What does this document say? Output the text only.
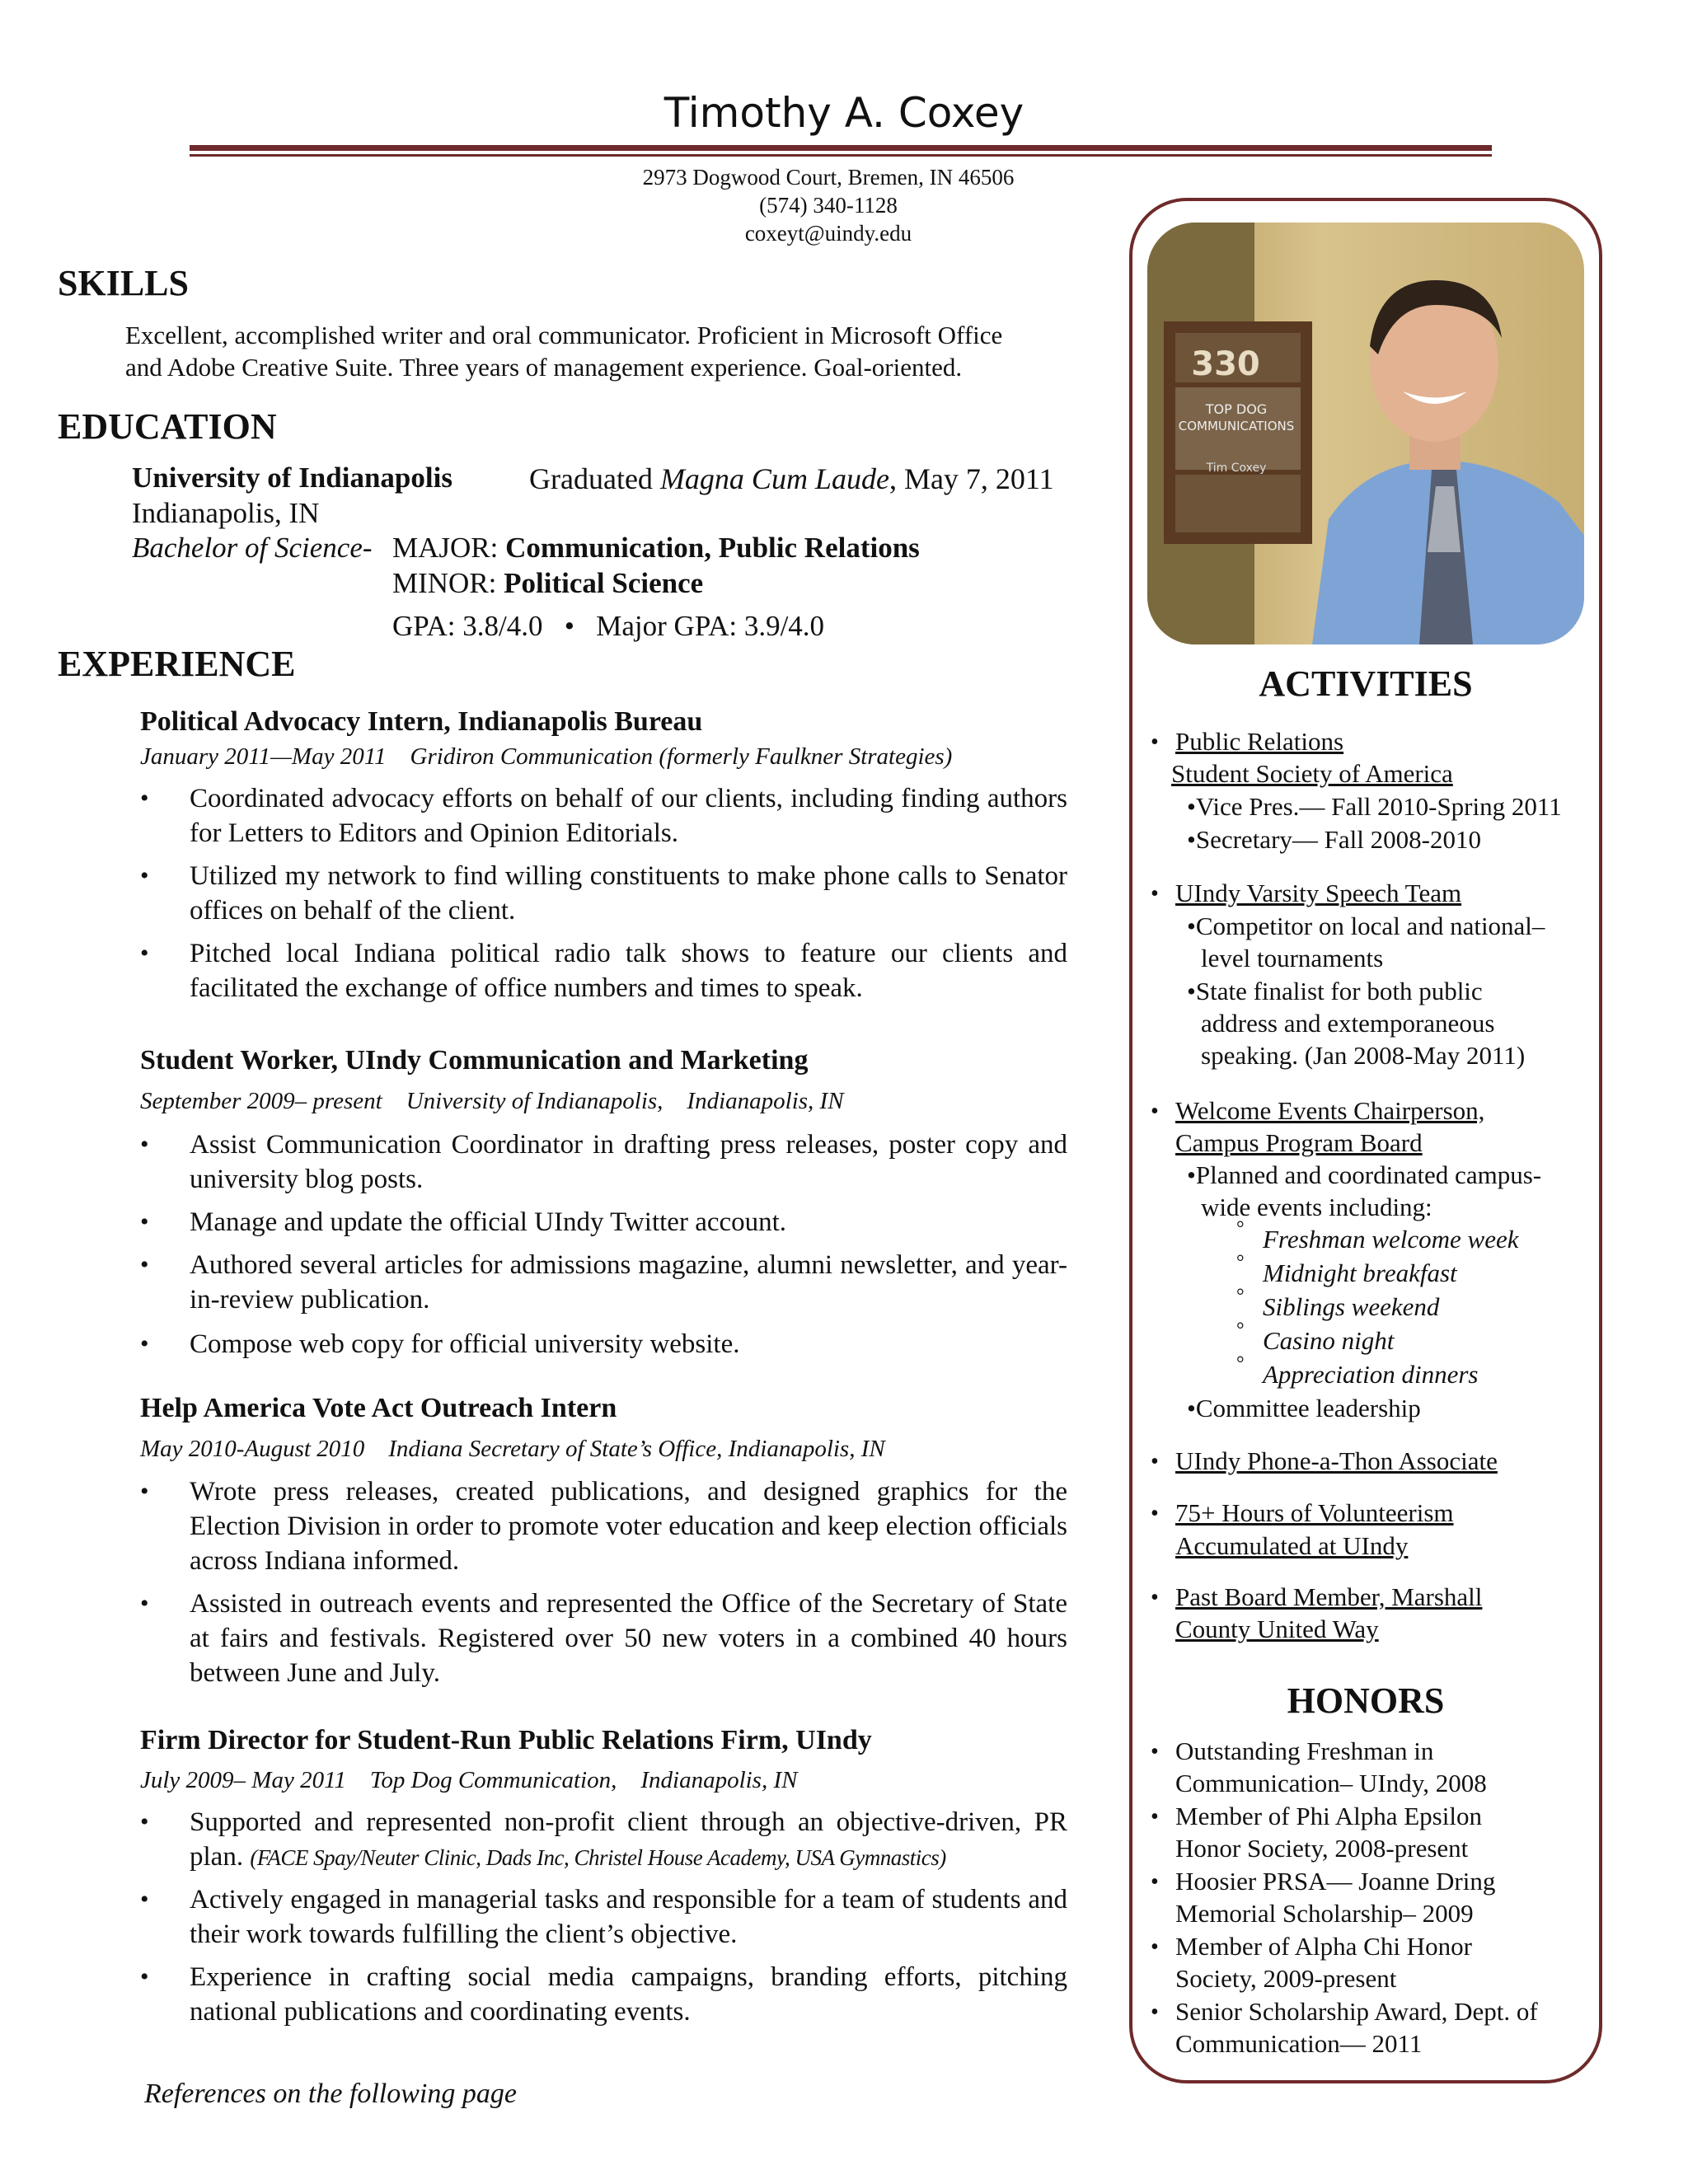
Timothy A. Coxey
2973 Dogwood Court, Bremen, IN 46506
(574) 340-1128
coxeyt@uindy.edu
SKILLS
Excellent, accomplished writer and oral communicator. Proficient in Microsoft Office
and Adobe Creative Suite. Three years of management experience. Goal-oriented.
EDUCATION
University of Indianapolis	Graduated Magna Cum Laude, May 7, 2011
Indianapolis, IN
Bachelor of Science- MAJOR: Communication, Public Relations
MINOR: Political Science
GPA: 3.8/4.0   •   Major GPA: 3.9/4.0
EXPERIENCE
Political Advocacy Intern, Indianapolis Bureau
January 2011—May 2011    Gridiron Communication (formerly Faulkner Strategies)
• Coordinated advocacy efforts on behalf of our clients, including finding authors for Letters to Editors and Opinion Editorials.
• Utilized my network to find willing constituents to make phone calls to Senator offices on behalf of the client.
• Pitched local Indiana political radio talk shows to feature our clients and facilitated the exchange of office numbers and times to speak.
Student Worker, UIndy Communication and Marketing
September 2009– present    University of Indianapolis,    Indianapolis, IN
• Assist Communication Coordinator in drafting press releases, poster copy and university blog posts.
• Manage and update the official UIndy Twitter account.
• Authored several articles for admissions magazine, alumni newsletter, and year-in-review publication.
• Compose web copy for official university website.
Help America Vote Act Outreach Intern
May 2010-August 2010    Indiana Secretary of State’s Office, Indianapolis, IN
• Wrote press releases, created publications, and designed graphics for the Election Division in order to promote voter education and keep election officials across Indiana informed.
• Assisted in outreach events and represented the Office of the Secretary of State at fairs and festivals. Registered over 50 new voters in a combined 40 hours between June and July.
Firm Director for Student-Run Public Relations Firm, UIndy
July 2009– May 2011    Top Dog Communication,    Indianapolis, IN
• Supported and represented non-profit client through an objective-driven, PR plan. (FACE Spay/Neuter Clinic, Dads Inc, Christel House Academy, USA Gymnastics)
• Actively engaged in managerial tasks and responsible for a team of students and their work towards fulfilling the client’s objective.
• Experience in crafting social media campaigns, branding efforts, pitching national publications and coordinating events.
References on the following page
330
TOP DOG
COMMUNICATIONS
Tim Coxey
ACTIVITIES
• Public Relations
Student Society of America
•Vice Pres.— Fall 2010-Spring 2011
•Secretary— Fall 2008-2010
• UIndy Varsity Speech Team
•Competitor on local and national–
level tournaments
•State finalist for both public
address and extemporaneous
speaking. (Jan 2008-May 2011)
• Welcome Events Chairperson,
Campus Program Board
•Planned and coordinated campus-
wide events including:
° Freshman welcome week
° Midnight breakfast
° Siblings weekend
° Casino night
° Appreciation dinners
•Committee leadership
• UIndy Phone-a-Thon Associate
• 75+ Hours of Volunteerism
Accumulated at UIndy
• Past Board Member, Marshall
County United Way
HONORS
• Outstanding Freshman in
Communication– UIndy, 2008
• Member of Phi Alpha Epsilon
Honor Society, 2008-present
• Hoosier PRSA— Joanne Dring
Memorial Scholarship– 2009
• Member of Alpha Chi Honor
Society, 2009-present
• Senior Scholarship Award, Dept. of
Communication— 2011
